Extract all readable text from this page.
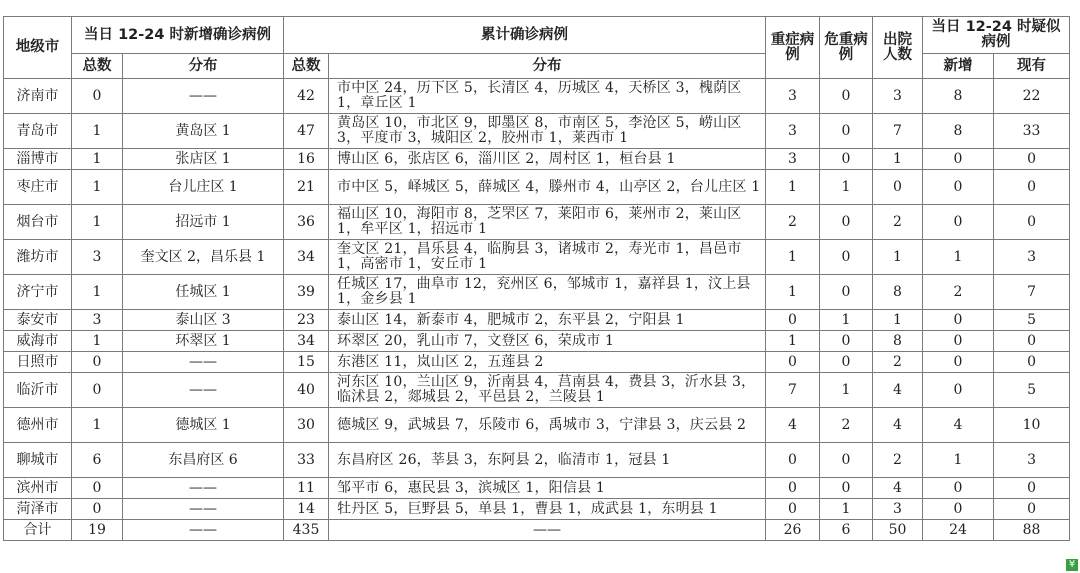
地级市	当日 12-24 时新增确诊病例		累计确诊病例		重症病例	危重病例	出院人数	当日 12-24 时疑似病例	
	总数	分布	总数	分布				新增	现有
济南市	0	——	42	市中区 24，历下区 5，长清区 4，历城区 4，天桥区 3，槐荫区 1，章丘区 1	3	0	3	8	22
青岛市	1	黄岛区 1	47	黄岛区 10，市北区 9，即墨区 8，市南区 5，李沧区 5，崂山区 3，平度市 3，城阳区 2，胶州市 1，莱西市 1	3	0	7	8	33
淄博市	1	张店区 1	16	博山区 6，张店区 6，淄川区 2，周村区 1，桓台县 1	3	0	1	0	0
枣庄市	1	台儿庄区 1	21	市中区 5，峄城区 5，薛城区 4，滕州市 4，山亭区 2，台儿庄区 1	1	1	0	0	0
烟台市	1	招远市 1	36	福山区 10，海阳市 8，芝罘区 7，莱阳市 6，莱州市 2，莱山区 1，牟平区 1，招远市 1	2	0	2	0	0
潍坊市	3	奎文区 2，昌乐县 1	34	奎文区 21，昌乐县 4，临朐县 3，诸城市 2，寿光市 1，昌邑市 1，高密市 1，安丘市 1	1	0	1	1	3
济宁市	1	任城区 1	39	任城区 17，曲阜市 12，兖州区 6，邹城市 1，嘉祥县 1，汶上县 1，金乡县 1	1	0	8	2	7
泰安市	3	泰山区 3	23	泰山区 14，新泰市 4，肥城市 2，东平县 2，宁阳县 1	0	1	1	0	5
威海市	1	环翠区 1	34	环翠区 20，乳山市 7，文登区 6，荣成市 1	1	0	8	0	0
日照市	0	——	15	东港区 11，岚山区 2，五莲县 2	0	0	2	0	0
临沂市	0	——	40	河东区 10，兰山区 9，沂南县 4，莒南县 4，费县 3，沂水县 3，临沭县 2，郯城县 2，平邑县 2，兰陵县 1	7	1	4	0	5
德州市	1	德城区 1	30	德城区 9，武城县 7，乐陵市 6，禹城市 3，宁津县 3，庆云县 2	4	2	4	4	10
聊城市	6	东昌府区 6	33	东昌府区 26，莘县 3，东阿县 2，临清市 1，冠县 1	0	0	2	1	3
滨州市	0	——	11	邹平市 6，惠民县 3，滨城区 1，阳信县 1	0	0	4	0	0
菏泽市	0	——	14	牡丹区 5，巨野县 5，单县 1，曹县 1，成武县 1，东明县 1	0	1	3	0	0
合计	19	——	435	——	26	6	50	24	88
¥
